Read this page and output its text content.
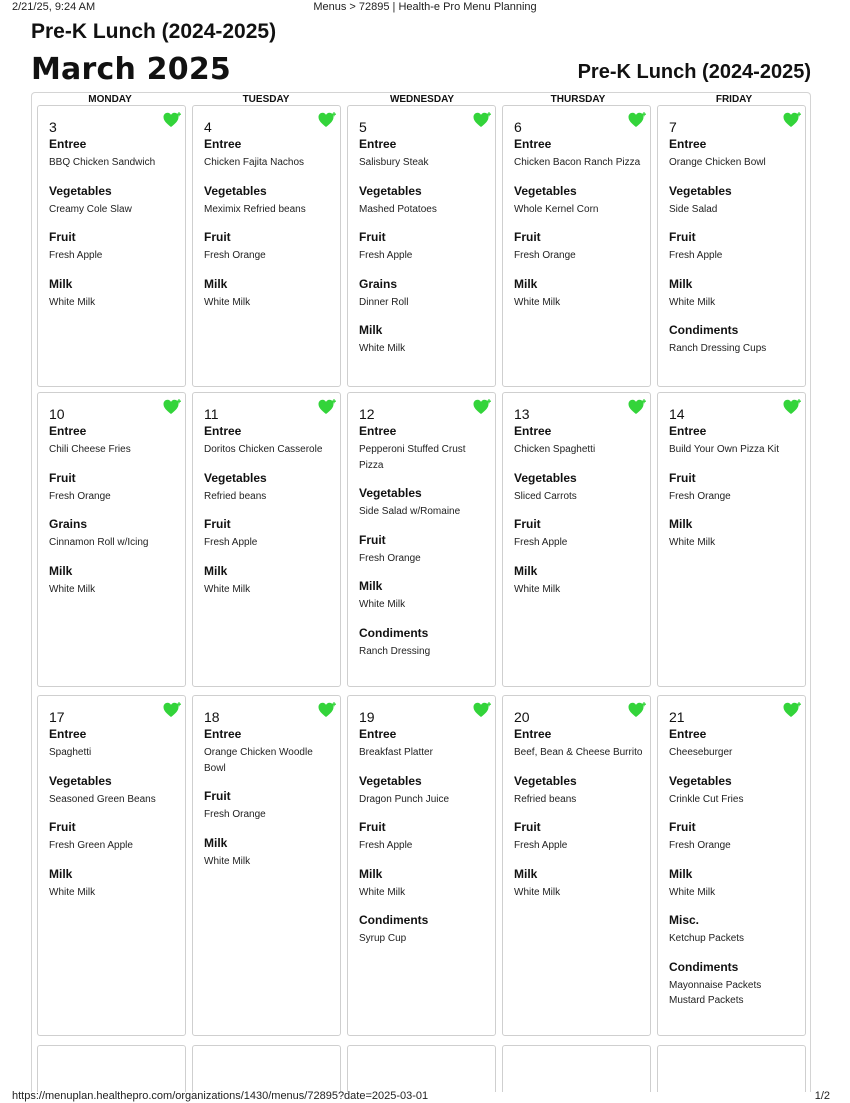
2/21/25, 9:24 AM	Menus > 72895 | Health-e Pro Menu Planning
Pre-K Lunch (2024-2025)
March 2025	Pre-K Lunch (2024-2025)
MONDAY	TUESDAY	WEDNESDAY	THURSDAY	FRIDAY
3
Entree
BBQ Chicken Sandwich
Vegetables
Creamy Cole Slaw
Fruit
Fresh Apple
Milk
White Milk
4
Entree
Chicken Fajita Nachos
Vegetables
Meximix Refried beans
Fruit
Fresh Orange
Milk
White Milk
5
Entree
Salisbury Steak
Vegetables
Mashed Potatoes
Fruit
Fresh Apple
Grains
Dinner Roll
Milk
White Milk
6
Entree
Chicken Bacon Ranch Pizza
Vegetables
Whole Kernel Corn
Fruit
Fresh Orange
Milk
White Milk
7
Entree
Orange Chicken Bowl
Vegetables
Side Salad
Fruit
Fresh Apple
Milk
White Milk
Condiments
Ranch Dressing Cups
10
Entree
Chili Cheese Fries
Fruit
Fresh Orange
Grains
Cinnamon Roll w/Icing
Milk
White Milk
11
Entree
Doritos Chicken Casserole
Vegetables
Refried beans
Fruit
Fresh Apple
Milk
White Milk
12
Entree
Pepperoni Stuffed Crust Pizza
Vegetables
Side Salad w/Romaine
Fruit
Fresh Orange
Milk
White Milk
Condiments
Ranch Dressing
13
Entree
Chicken Spaghetti
Vegetables
Sliced Carrots
Fruit
Fresh Apple
Milk
White Milk
14
Entree
Build Your Own Pizza Kit
Fruit
Fresh Orange
Milk
White Milk
17
Entree
Spaghetti
Vegetables
Seasoned Green Beans
Fruit
Fresh Green Apple
Milk
White Milk
18
Entree
Orange Chicken Woodle Bowl
Fruit
Fresh Orange
Milk
White Milk
19
Entree
Breakfast Platter
Vegetables
Dragon Punch Juice
Fruit
Fresh Apple
Milk
White Milk
Condiments
Syrup Cup
20
Entree
Beef, Bean & Cheese Burrito
Vegetables
Refried beans
Fruit
Fresh Apple
Milk
White Milk
21
Entree
Cheeseburger
Vegetables
Crinkle Cut Fries
Fruit
Fresh Orange
Milk
White Milk
Misc.
Ketchup Packets
Condiments
Mayonnaise Packets
Mustard Packets
https://menuplan.healthepro.com/organizations/1430/menus/72895?date=2025-03-01	1/2
